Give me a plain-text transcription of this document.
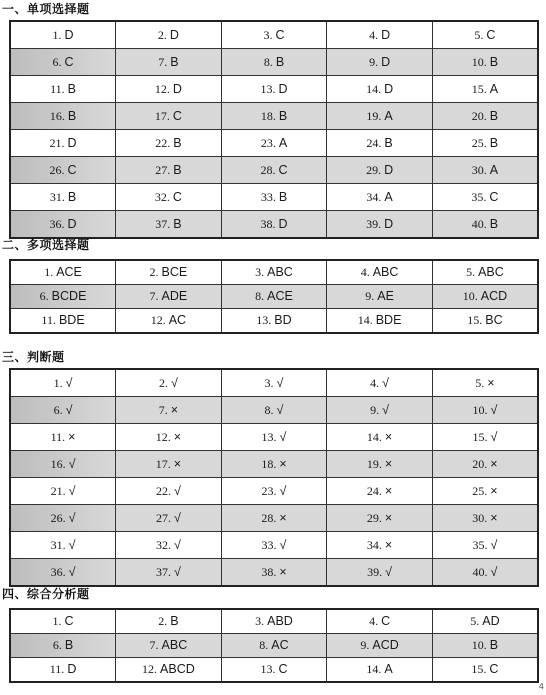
一、单项选择题
1. D	2. D	3. C	4. D	5. C
6. C	7. B	8. B	9. D	10. B
11. B	12. D	13. D	14. D	15. A
16. B	17. C	18. B	19. A	20. B
21. D	22. B	23. A	24. B	25. B
26. C	27. B	28. C	29. D	30. A
31. B	32. C	33. B	34. A	35. C
36. D	37. B	38. D	39. D	40. B
二、多项选择题
1. ACE	2. BCE	3. ABC	4. ABC	5. ABC
6. BCDE	7. ADE	8. ACE	9. AE	10. ACD
11. BDE	12. AC	13. BD	14. BDE	15. BC
三、判断题
1. √	2. √	3. √	4. √	5. ×
6. √	7. ×	8. √	9. √	10. √
11. ×	12. ×	13. √	14. ×	15. √
16. √	17. ×	18. ×	19. ×	20. ×
21. √	22. √	23. √	24. ×	25. ×
26. √	27. √	28. ×	29. ×	30. ×
31. √	32. √	33. √	34. ×	35. √
36. √	37. √	38. ×	39. √	40. √
四、综合分析题
1. C	2. B	3. ABD	4. C	5. AD
6. B	7. ABC	8. AC	9. ACD	10. B
11. D	12. ABCD	13. C	14. A	15. C
4
